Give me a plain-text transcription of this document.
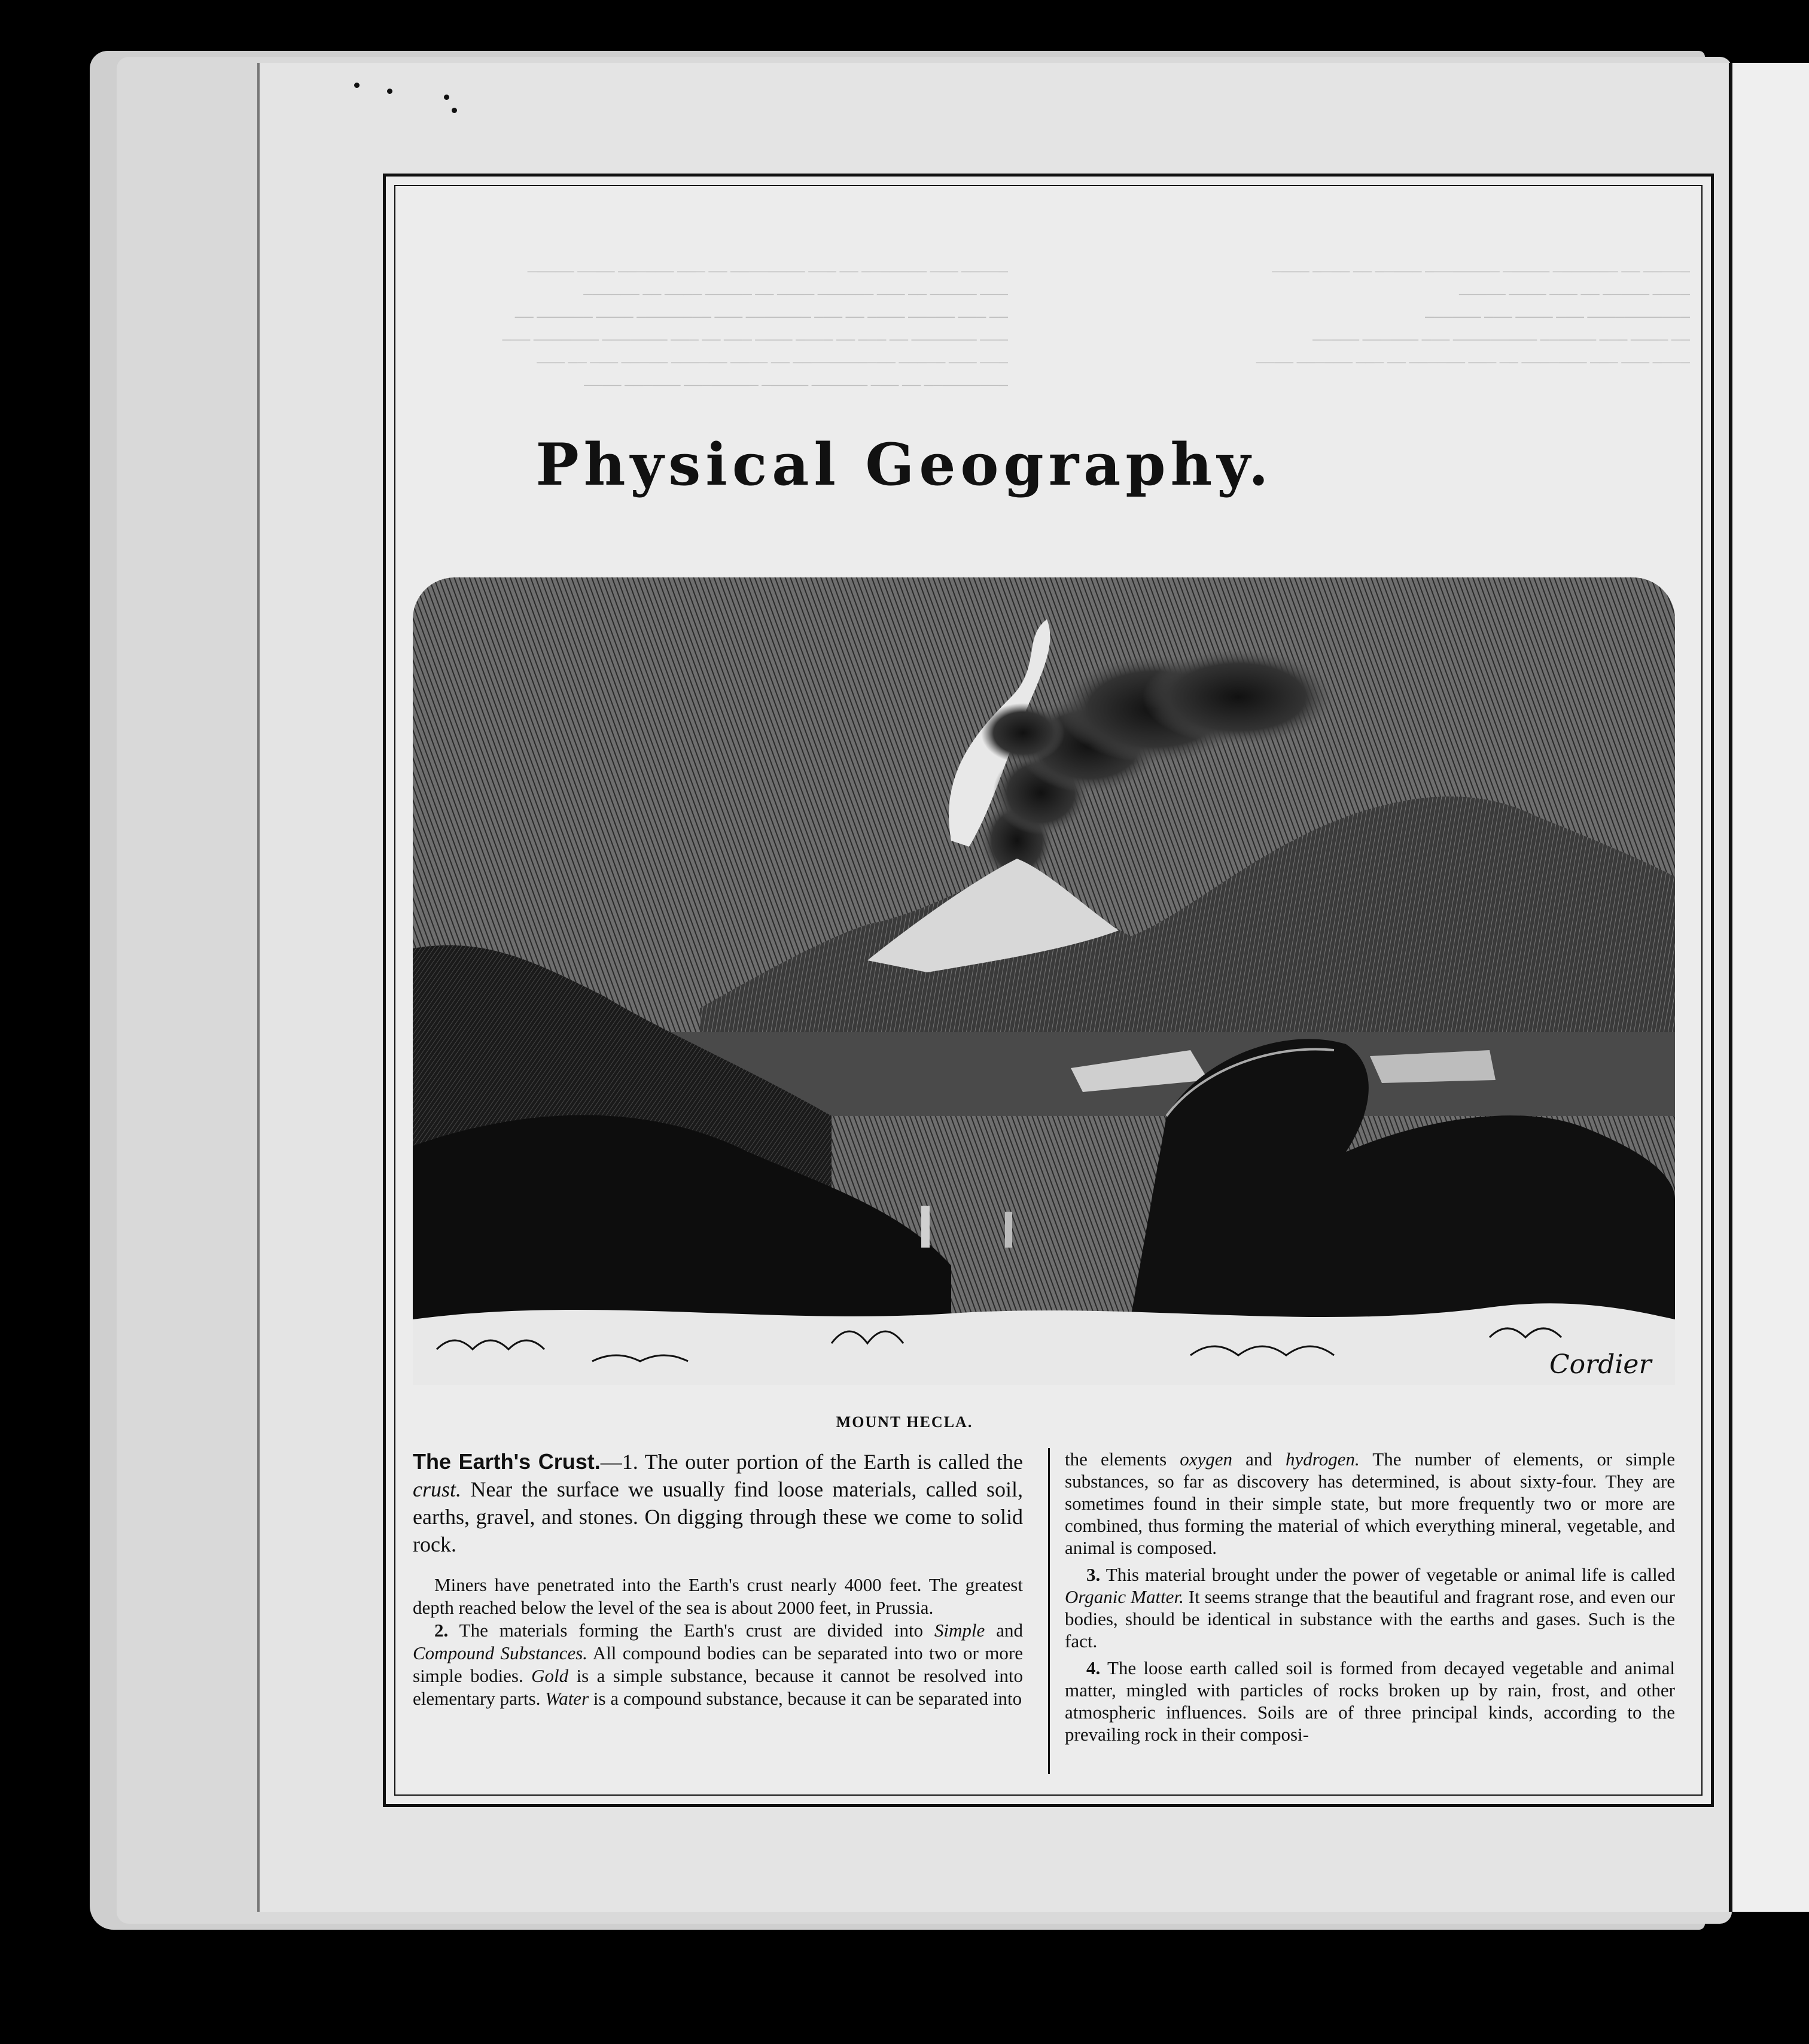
───── ─── ─────── ── ─── ──────── ── ─── ────── ──── ─────
─── ───── ── ─── ────── ──── ── ───── ──── ── ──────
── ─── ───── ──── ── ─── ─────── ─── ──────── ──── ────── ──
─── ─────── ── ─── ── ──── ──── ─── ── ─── ─────── ─────── ───
─── ─── ───── ─────────── ── ──── ────── ───── ─── ── ───
───────── ── ─── ────── ───── ──────── ────── ────
───── ── ─────── ───── ──────── ───── ── ──── ────
──── ───── ── ─── ──── ─────
─────────── ─── ──── ─── ──────
── ──── ─── ────── ───────── ─── ────── ─────
──── ─── ─── ─────── ── ─── ────── ── ─── ────── ────
Physical Geography.
Cordier
MOUNT HECLA.

The Earth's Crust.—1. The outer portion of the Earth is called the crust. Near the surface we usually find loose materials, called soil, earths, gravel, and stones. On digging through these we come to solid rock.

Miners have penetrated into the Earth's crust nearly 4000 feet. The greatest depth reached below the level of the sea is about 2000 feet, in Prussia.

2. The materials forming the Earth's crust are divided into Simple and Compound Substances. All compound bodies can be separated into two or more simple bodies. Gold is a simple substance, because it cannot be resolved into elementary parts. Water is a compound substance, because it can be separated into

the elements oxygen and hydrogen. The number of elements, or simple substances, so far as discovery has determined, is about sixty-four. They are sometimes found in their simple state, but more frequently two or more are combined, thus forming the material of which everything mineral, vegetable, and animal is composed.

3. This material brought under the power of vegetable or animal life is called Organic Matter. It seems strange that the beautiful and fragrant rose, and even our bodies, should be identical in substance with the earths and gases. Such is the fact.

4. The loose earth called soil is formed from decayed vegetable and animal matter, mingled with particles of rocks broken up by rain, frost, and other atmospheric influences. Soils are of three principal kinds, according to the prevailing rock in their composi-
